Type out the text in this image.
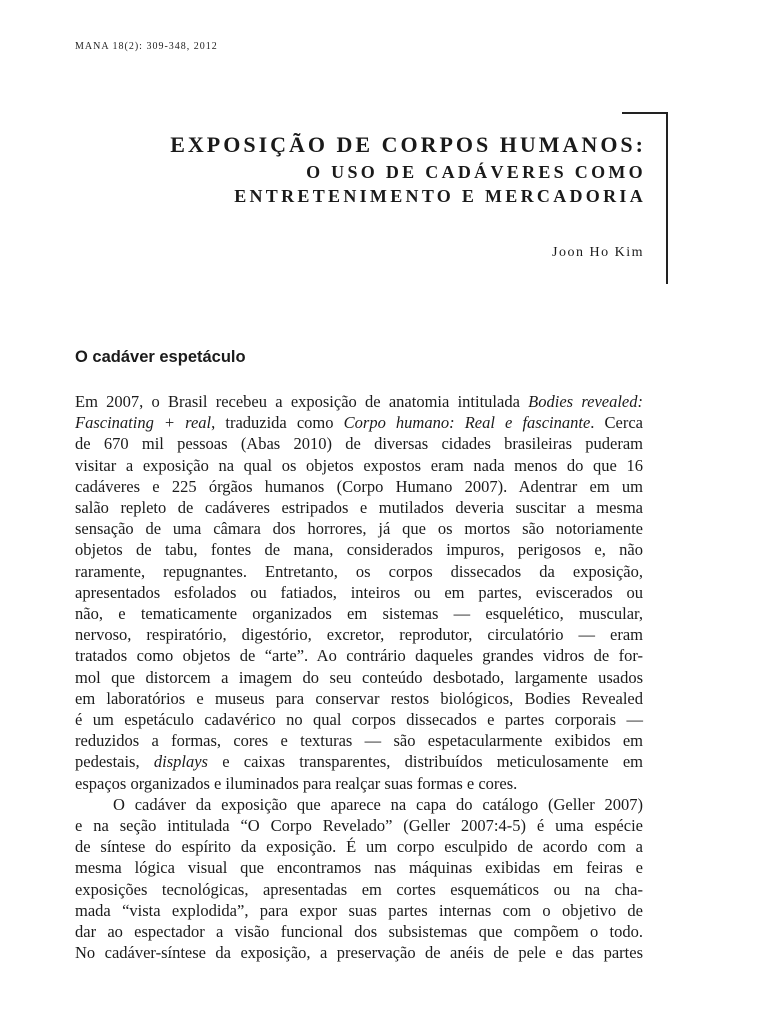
MANA 18(2): 309-348, 2012
EXPOSIÇÃO DE CORPOS HUMANOS:
O USO DE CADÁVERES COMO
ENTRETENIMENTO E MERCADORIA
Joon Ho Kim
O cadáver espetáculo
Em 2007, o Brasil recebeu a exposição de anatomia intitulada Bodies revealed:
Fascinating + real, traduzida como Corpo humano: Real e fascinante. Cerca
de 670 mil pessoas (Abas 2010) de diversas cidades brasileiras puderam
visitar a exposição na qual os objetos expostos eram nada menos do que 16
cadáveres e 225 órgãos humanos (Corpo Humano 2007). Adentrar em um
salão repleto de cadáveres estripados e mutilados deveria suscitar a mesma
sensação de uma câmara dos horrores, já que os mortos são notoriamente
objetos de tabu, fontes de mana, considerados impuros, perigosos e, não
raramente, repugnantes. Entretanto, os corpos dissecados da exposição,
apresentados esfolados ou fatiados, inteiros ou em partes, eviscerados ou
não, e tematicamente organizados em sistemas — esquelético, muscular,
nervoso, respiratório, digestório, excretor, reprodutor, circulatório — eram
tratados como objetos de “arte”. Ao contrário daqueles grandes vidros de for-
mol que distorcem a imagem do seu conteúdo desbotado, largamente usados
em laboratórios e museus para conservar restos biológicos, Bodies Revealed
é um espetáculo cadavérico no qual corpos dissecados e partes corporais —
reduzidos a formas, cores e texturas — são espetacularmente exibidos em
pedestais, displays e caixas transparentes, distribuídos meticulosamente em
espaços organizados e iluminados para realçar suas formas e cores.
O cadáver da exposição que aparece na capa do catálogo (Geller 2007)
e na seção intitulada “O Corpo Revelado” (Geller 2007:4-5) é uma espécie
de síntese do espírito da exposição. É um corpo esculpido de acordo com a
mesma lógica visual que encontramos nas máquinas exibidas em feiras e
exposições tecnológicas, apresentadas em cortes esquemáticos ou na cha-
mada “vista explodida”, para expor suas partes internas com o objetivo de
dar ao espectador a visão funcional dos subsistemas que compõem o todo.
No cadáver-síntese da exposição, a preservação de anéis de pele e das partes
